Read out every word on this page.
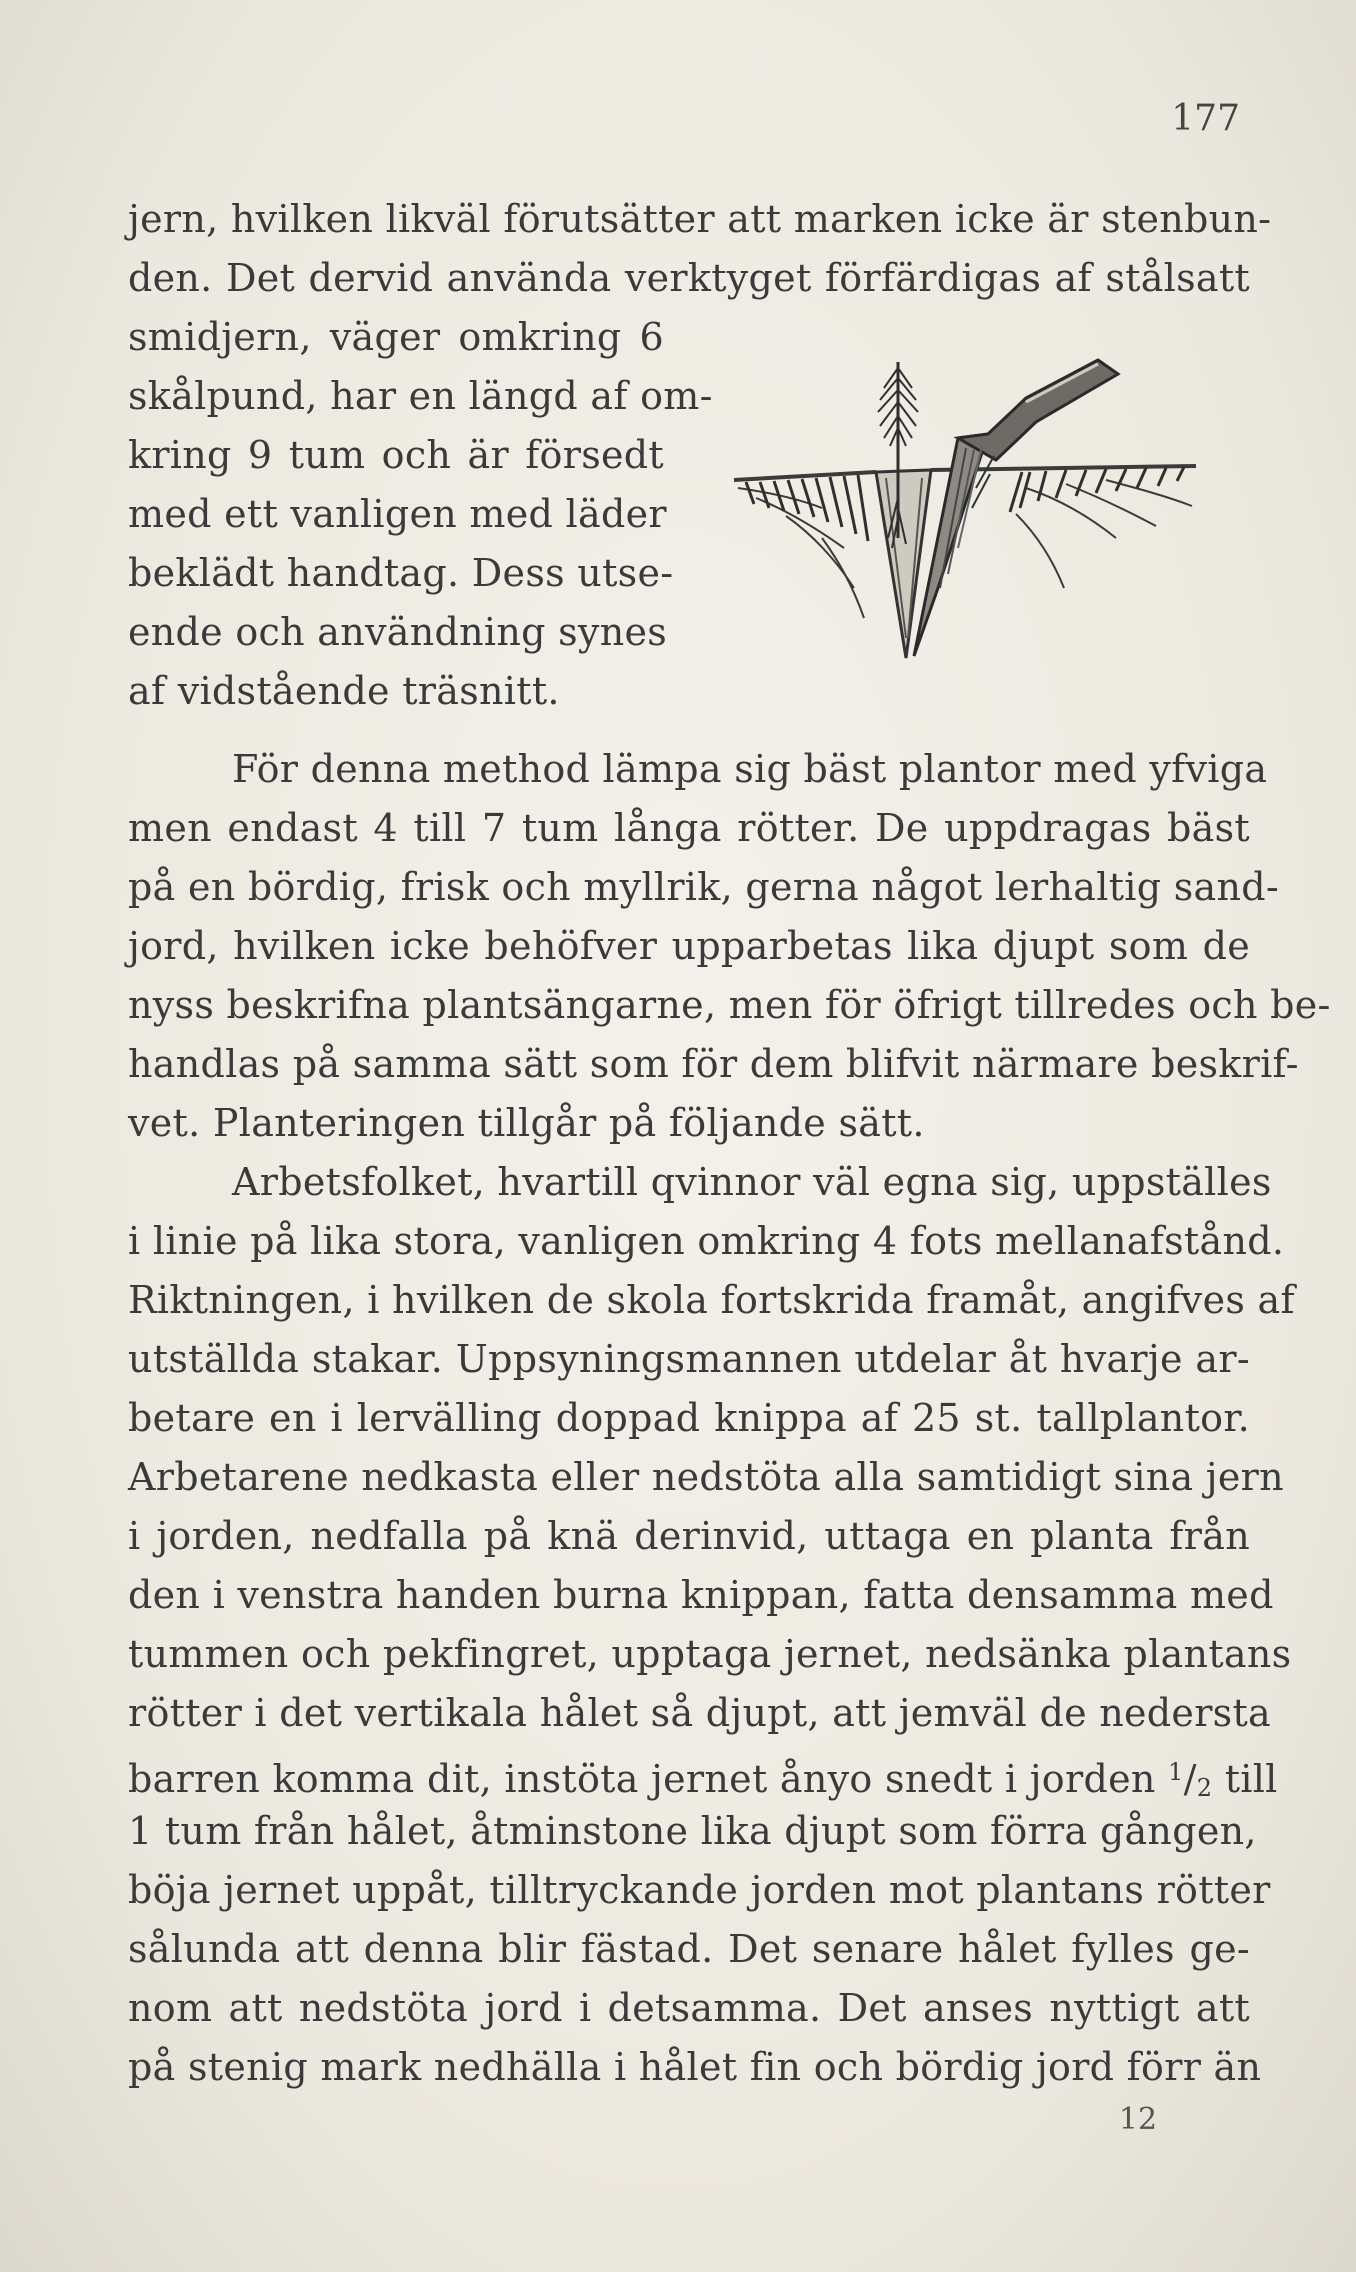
177
jern, hvilken likväl förutsätter att marken icke är stenbun-
den. Det dervid använda verktyget förfärdigas af stålsatt
smidjern, väger omkring 6
skålpund, har en längd af om-
kring 9 tum och är försedt
med ett vanligen med läder
beklädt handtag. Dess utse-
ende och användning synes
af vidstående träsnitt.
För denna method lämpa sig bäst plantor med yfviga
men endast 4 till 7 tum långa rötter. De uppdragas bäst
på en bördig, frisk och myllrik, gerna något lerhaltig sand-
jord, hvilken icke behöfver upparbetas lika djupt som de
nyss beskrifna plantsängarne, men för öfrigt tillredes och be-
handlas på samma sätt som för dem blifvit närmare beskrif-
vet. Planteringen tillgår på följande sätt.
Arbetsfolket, hvartill qvinnor väl egna sig, uppställes
i linie på lika stora, vanligen omkring 4 fots mellanafstånd.
Riktningen, i hvilken de skola fortskrida framåt, angifves af
utställda stakar. Uppsyningsmannen utdelar åt hvarje ar-
betare en i lervälling doppad knippa af 25 st. tallplantor.
Arbetarene nedkasta eller nedstöta alla samtidigt sina jern
i jorden, nedfalla på knä derinvid, uttaga en planta från
den i venstra handen burna knippan, fatta densamma med
tummen och pekfingret, upptaga jernet, nedsänka plantans
rötter i det vertikala hålet så djupt, att jemväl de nedersta
barren komma dit, instöta jernet ånyo snedt i jorden $^1$/2 till
1 tum från hålet, åtminstone lika djupt som förra gången,
böja jernet uppåt, tilltryckande jorden mot plantans rötter
sålunda att denna blir fästad. Det senare hålet fylles ge-
nom att nedstöta jord i detsamma. Det anses nyttigt att
på stenig mark nedhälla i hålet fin och bördig jord förr än
12
